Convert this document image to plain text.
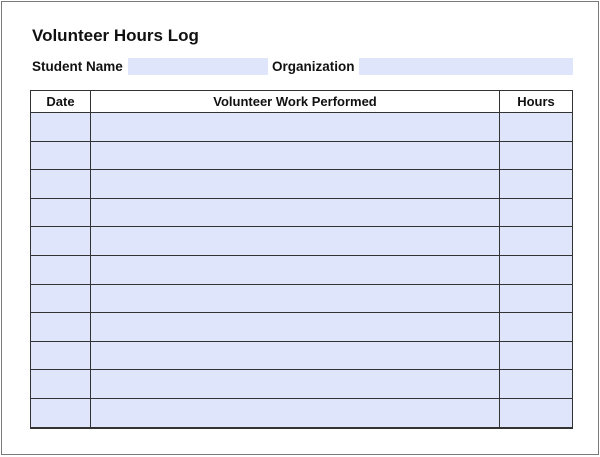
Volunteer Hours Log
Student Name	Organization
Date	Volunteer Work Performed	Hours
